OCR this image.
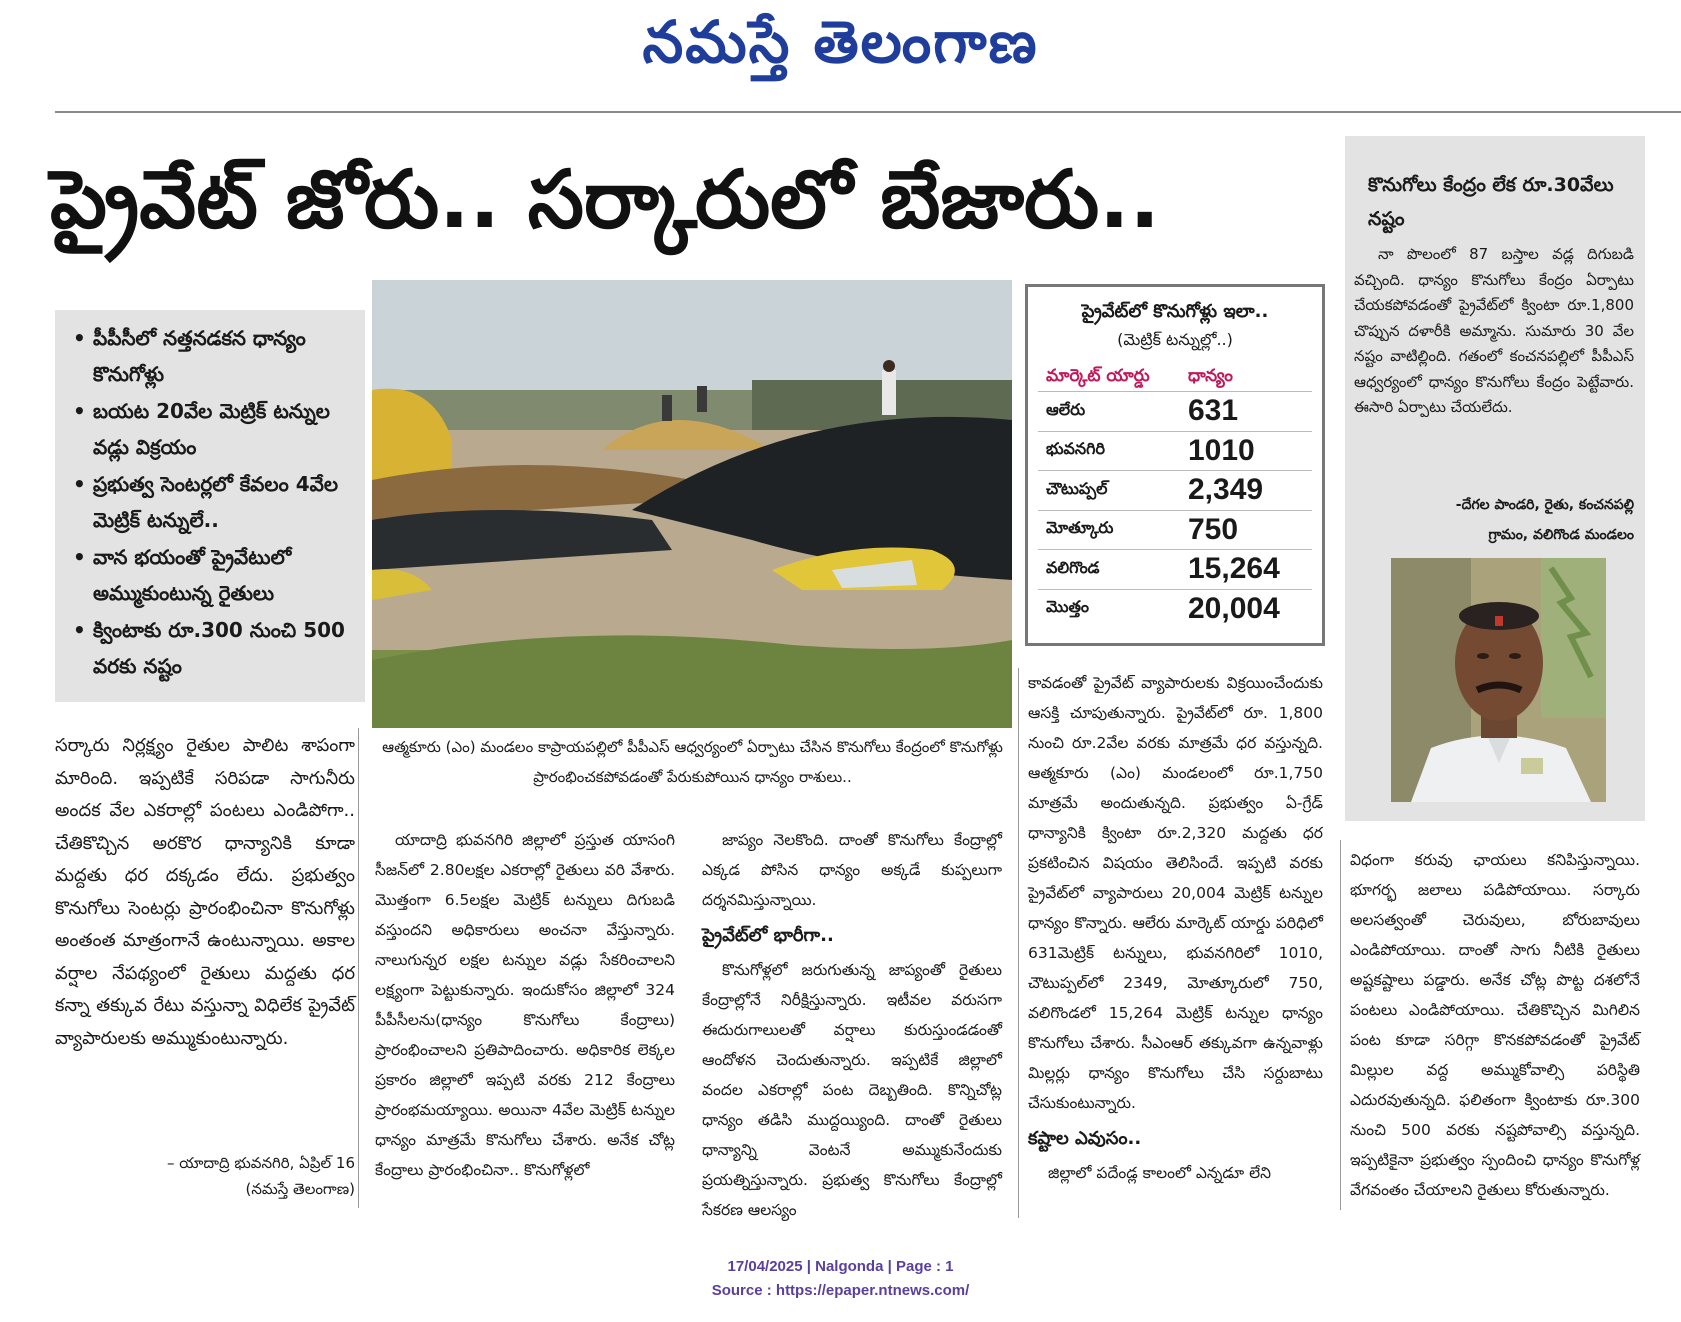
నమస్తే తెలంగాణ
ప్రైవేట్ జోరు.. సర్కారులో బేజారు..	కొనుగోలు కేంద్రం లేక రూ.30వేలు నష్టం
నా పొలంలో 87 బస్తాల వడ్ల దిగుబడి వచ్చింది. ధాన్యం కొనుగోలు కేంద్రం ఏర్పాటు చేయకపోవడంతో ప్రైవేట్‌లో క్వింటా రూ.1,800 చొప్పున దళారీకి అమ్మాను. సుమారు 30 వేల నష్టం వాటిల్లింది. గతంలో కంచనపల్లిలో పీపీఎస్ ఆధ్వర్యంలో ధాన్యం కొనుగోలు కేంద్రం పెట్టేవారు. ఈసారి ఏర్పాటు చేయలేదు.
-దేగల పాండరి, రైతు, కంచనపల్లి
గ్రామం, వలిగొండ మండలం
• పీపీసీలో నత్తనడకన ధాన్యం కొనుగోళ్లు
• బయట 20వేల మెట్రిక్ టన్నుల వడ్లు విక్రయం
• ప్రభుత్వ సెంటర్లలో కేవలం 4వేల మెట్రిక్ టన్నులే..
• వాన భయంతో ప్రైవేటులో అమ్ముకుంటున్న రైతులు
• క్వింటాకు రూ.300 నుంచి 500 వరకు నష్టం
ఆత్మకూరు (ఎం) మండలం కాప్రాయపల్లిలో పీపీఎస్ ఆధ్వర్యంలో ఏర్పాటు చేసిన కొనుగోలు కేంద్రంలో కొనుగోళ్లు ప్రారంభించకపోవడంతో పేరుకుపోయిన ధాన్యం రాశులు..
ప్రైవేట్‌లో కొనుగోళ్లు ఇలా..
(మెట్రిక్ టన్నుల్లో..)
మార్కెట్ యార్డు	ధాన్యం
ఆలేరు	631
భువనగిరి	1010
చౌటుప్పల్	2,349
మోత్కూరు	750
వలిగొండ	15,264
మొత్తం	20,004
సర్కారు నిర్లక్ష్యం రైతుల పాలిట శాపంగా మారింది. ఇప్పటికే సరిపడా సాగునీరు అందక వేల ఎకరాల్లో పంటలు ఎండిపోగా.. చేతికొచ్చిన అరకొర ధాన్యానికి కూడా మద్దతు ధర దక్కడం లేదు. ప్రభుత్వం కొనుగోలు సెంటర్లు ప్రారంభించినా కొనుగోళ్లు అంతంత మాత్రంగానే ఉంటున్నాయి. అకాల వర్షాల నేపథ్యంలో రైతులు మద్దతు ధర కన్నా తక్కువ రేటు వస్తున్నా విధిలేక ప్రైవేట్ వ్యాపారులకు అమ్ముకుంటున్నారు.
– యాదాద్రి భువనగిరి, ఏప్రిల్ 16
(నమస్తే తెలంగాణ)
యాదాద్రి భువనగిరి జిల్లాలో ప్రస్తుత యాసంగి సీజన్‌లో 2.80లక్షల ఎకరాల్లో రైతులు వరి వేశారు. మొత్తంగా 6.5లక్షల మెట్రిక్ టన్నులు దిగుబడి వస్తుందని అధికారులు అంచనా వేస్తున్నారు. నాలుగున్నర లక్షల టన్నుల వడ్లు సేకరించాలని లక్ష్యంగా పెట్టుకున్నారు. ఇందుకోసం జిల్లాలో 324 పీపీసీలను(ధాన్యం కొనుగోలు కేంద్రాలు) ప్రారంభించాలని ప్రతిపాదించారు. అధికారిక లెక్కల ప్రకారం జిల్లాలో ఇప్పటి వరకు 212 కేంద్రాలు ప్రారంభమయ్యాయి. అయినా 4వేల మెట్రిక్ టన్నుల ధాన్యం మాత్రమే కొనుగోలు చేశారు. అనేక చోట్ల కేంద్రాలు ప్రారంభించినా.. కొనుగోళ్లలో

జాప్యం నెలకొంది. దాంతో కొనుగోలు కేంద్రాల్లో ఎక్కడ పోసిన ధాన్యం అక్కడే కుప్పలుగా దర్శనమిస్తున్నాయి.

ప్రైవేట్‌లో భారీగా..

కొనుగోళ్లలో జరుగుతున్న జాప్యంతో రైతులు కేంద్రాల్లోనే నిరీక్షిస్తున్నారు. ఇటీవల వరుసగా ఈదురుగాలులతో వర్షాలు కురుస్తుండడంతో ఆందోళన చెందుతున్నారు. ఇప్పటికే జిల్లాలో వందల ఎకరాల్లో పంట దెబ్బతింది. కొన్నిచోట్ల ధాన్యం తడిసి ముద్దయ్యింది. దాంతో రైతులు ధాన్యాన్ని వెంటనే అమ్ముకునేందుకు ప్రయత్నిస్తున్నారు. ప్రభుత్వ కొనుగోలు కేంద్రాల్లో సేకరణ ఆలస్యం

కావడంతో ప్రైవేట్ వ్యాపారులకు విక్రయించేందుకు ఆసక్తి చూపుతున్నారు. ప్రైవేట్‌లో రూ. 1,800 నుంచి రూ.2వేల వరకు మాత్రమే ధర వస్తున్నది. ఆత్మకూరు (ఎం) మండలంలో రూ.1,750 మాత్రమే అందుతున్నది. ప్రభుత్వం ఏ-గ్రేడ్ ధాన్యానికి క్వింటా రూ.2,320 మద్దతు ధర ప్రకటించిన విషయం తెలిసిందే. ఇప్పటి వరకు ప్రైవేట్‌లో వ్యాపారులు 20,004 మెట్రిక్ టన్నుల ధాన్యం కొన్నారు. ఆలేరు మార్కెట్ యార్డు పరిధిలో 631మెట్రిక్ టన్నులు, భువనగిరిలో 1010, చౌటుప్పల్‌లో 2349, మోత్కూరులో 750, వలిగొండలో 15,264 మెట్రిక్ టన్నుల ధాన్యం కొనుగోలు చేశారు. సీఎంఆర్ తక్కువగా ఉన్నవాళ్లు మిల్లర్లు ధాన్యం కొనుగోలు చేసి సర్దుబాటు చేసుకుంటున్నారు.

కష్టాల ఎవుసం..

జిల్లాలో పదేండ్ల కాలంలో ఎన్నడూ లేని

విధంగా కరువు ఛాయలు కనిపిస్తున్నాయి. భూగర్భ జలాలు పడిపోయాయి. సర్కారు అలసత్వంతో చెరువులు, బోరుబావులు ఎండిపోయాయి. దాంతో సాగు నీటికి రైతులు అష్టకష్టాలు పడ్డారు. అనేక చోట్ల పొట్ట దశలోనే పంటలు ఎండిపోయాయి. చేతికొచ్చిన మిగిలిన పంట కూడా సరిగ్గా కొనకపోవడంతో ప్రైవేట్ మిల్లుల వద్ద అమ్ముకోవాల్సి పరిస్థితి ఎదురవుతున్నది. ఫలితంగా క్వింటాకు రూ.300 నుంచి 500 వరకు నష్టపోవాల్సి వస్తున్నది. ఇప్పటికైనా ప్రభుత్వం స్పందించి ధాన్యం కొనుగోళ్ల వేగవంతం చేయాలని రైతులు కోరుతున్నారు.
17/04/2025 | Nalgonda | Page : 1
Source : https://epaper.ntnews.com/
